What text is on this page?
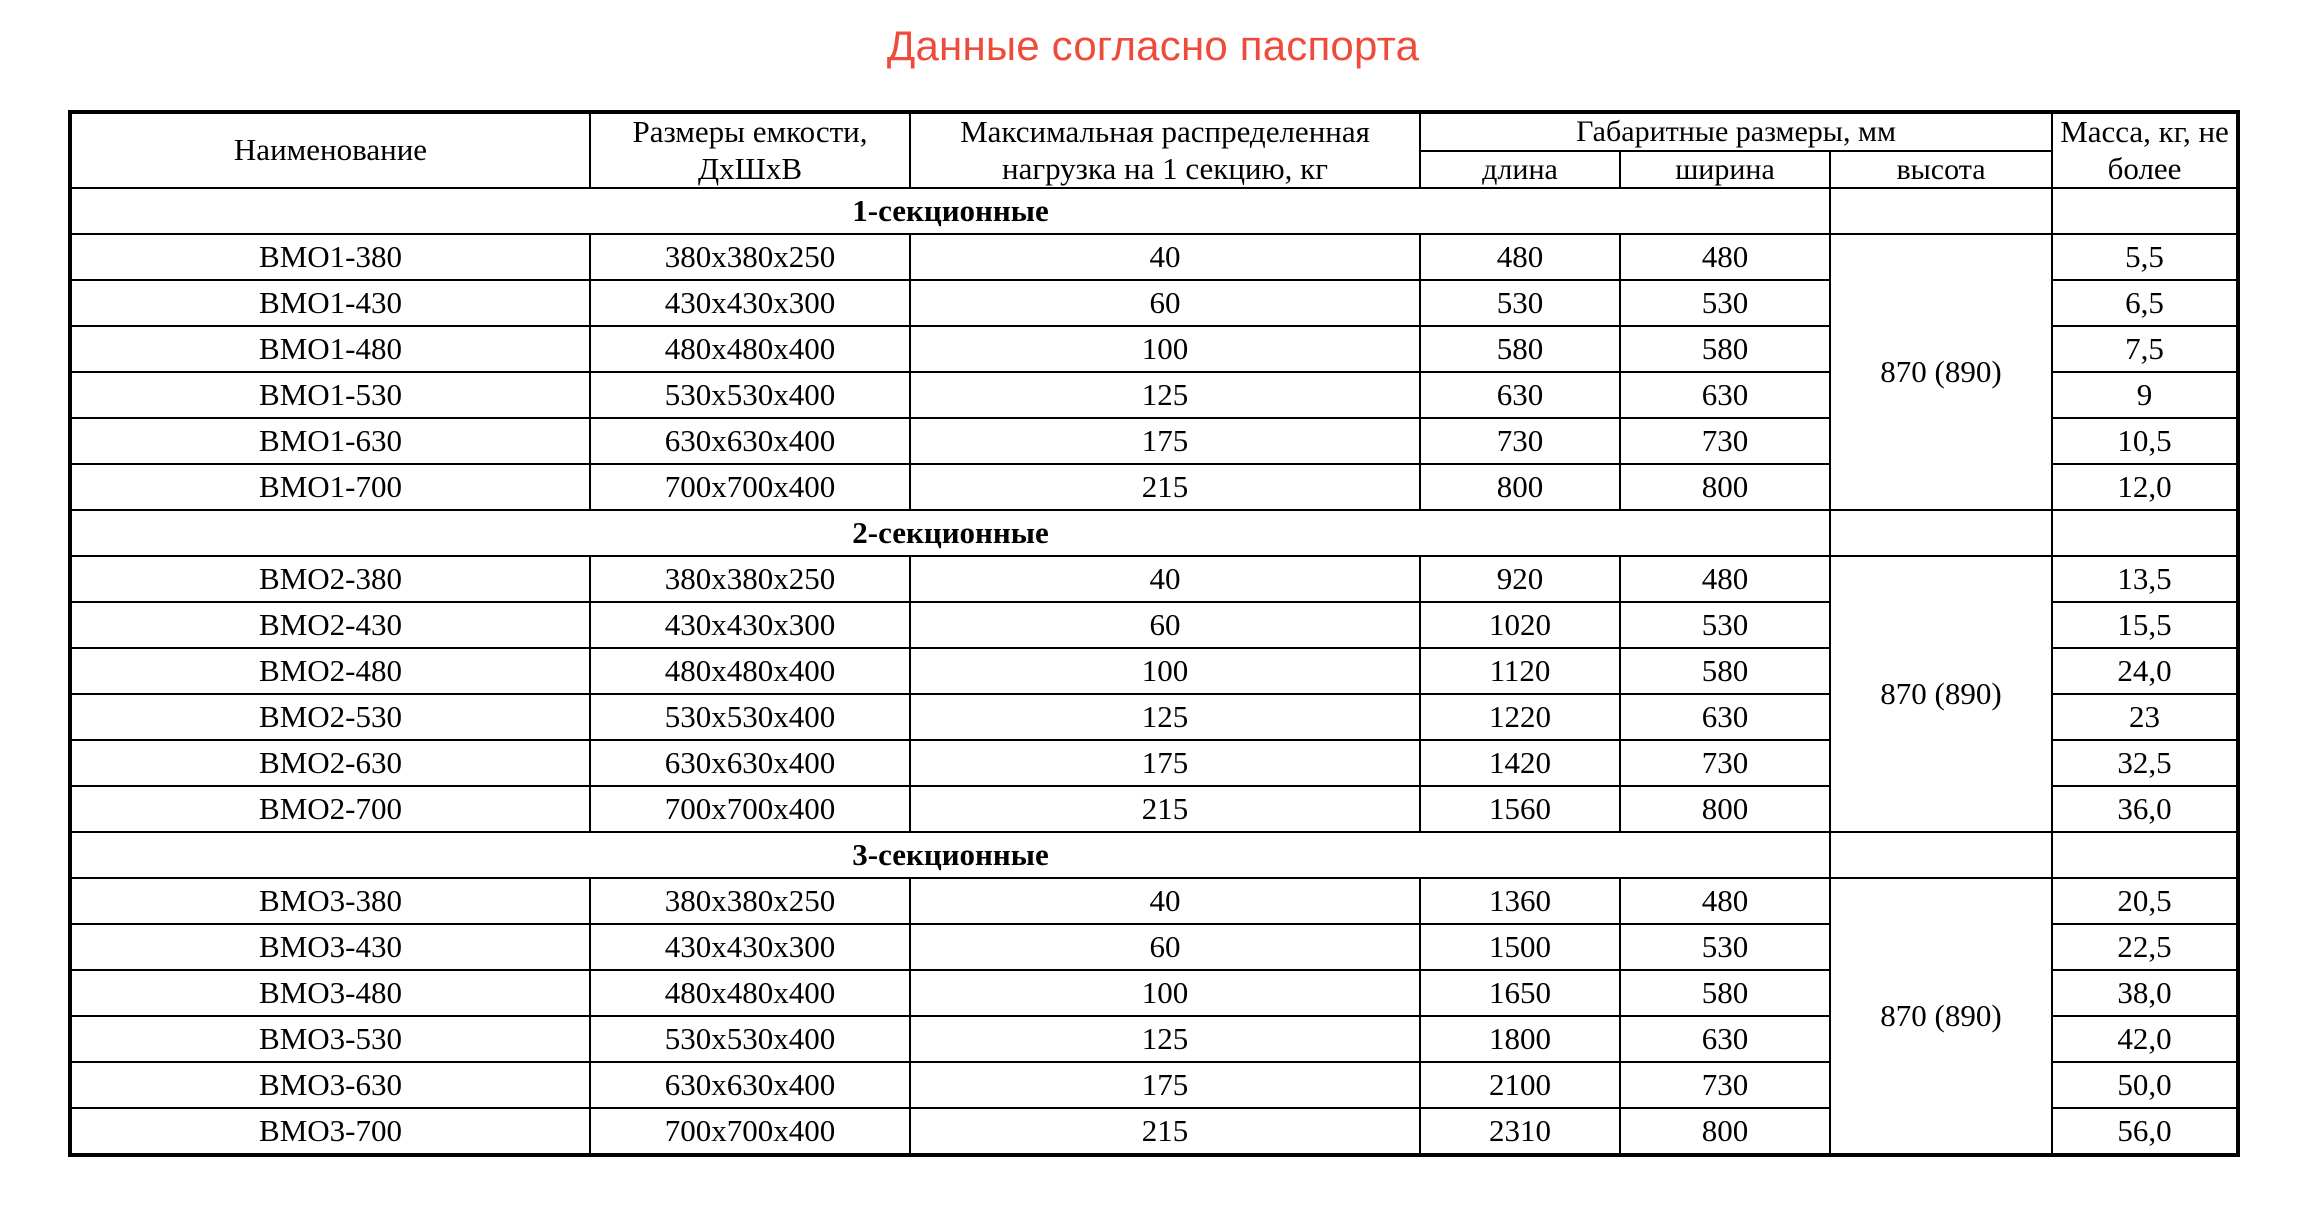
Данные согласно паспорта
Наименование	Размеры емкости, ДхШхВ	Максимальная распределенная нагрузка на 1 секцию, кг	Габаритные размеры, мм			Масса, кг, не более
			длина	ширина	высота	
1-секционные						
ВМО1-380	380х380х250	40	480	480	870 (890)	5,5
ВМО1-430	430х430х300	60	530	530		6,5
ВМО1-480	480х480х400	100	580	580		7,5
ВМО1-530	530х530х400	125	630	630		9
ВМО1-630	630х630х400	175	730	730		10,5
ВМО1-700	700х700х400	215	800	800		12,0
2-секционные						
ВМО2-380	380х380х250	40	920	480	870 (890)	13,5
ВМО2-430	430х430х300	60	1020	530		15,5
ВМО2-480	480х480х400	100	1120	580		24,0
ВМО2-530	530х530х400	125	1220	630		23
ВМО2-630	630х630х400	175	1420	730		32,5
ВМО2-700	700х700х400	215	1560	800		36,0
3-секционные						
ВМО3-380	380х380х250	40	1360	480	870 (890)	20,5
ВМО3-430	430х430х300	60	1500	530		22,5
ВМО3-480	480х480х400	100	1650	580		38,0
ВМО3-530	530х530х400	125	1800	630		42,0
ВМО3-630	630х630х400	175	2100	730		50,0
ВМО3-700	700х700х400	215	2310	800		56,0
